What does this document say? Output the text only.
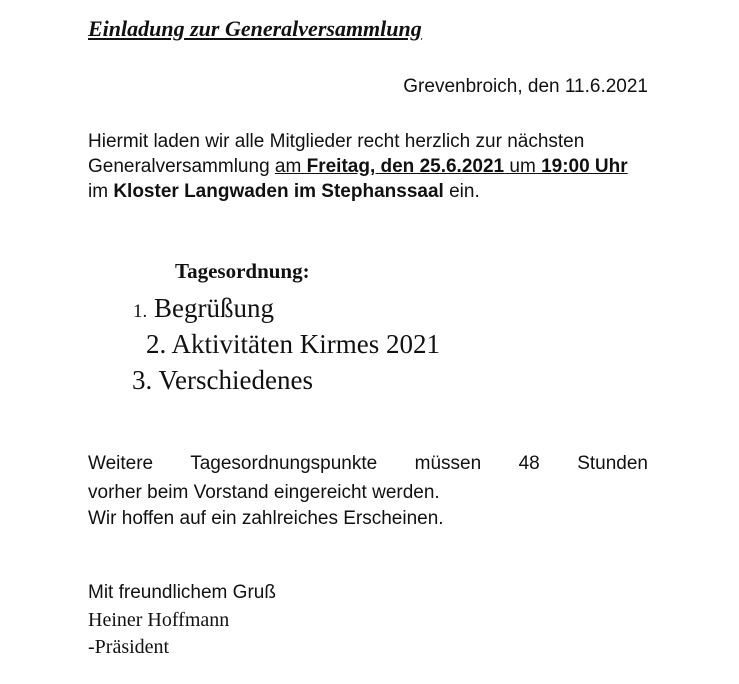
Einladung zur Generalversammlung
Grevenbroich, den 11.6.2021
Hiermit laden wir alle Mitglieder recht herzlich zur nächsten Generalversammlung am Freitag, den 25.6.2021 um 19:00 Uhr im Kloster Langwaden im Stephanssaal ein.
Tagesordnung:
1. Begrüßung
2. Aktivitäten Kirmes 2021
3. Verschiedenes
Weitere Tagesordnungspunkte müssen 48 Stunden
vorher beim Vorstand eingereicht werden.
Wir hoffen auf ein zahlreiches Erscheinen.
Mit freundlichem Gruß
Heiner Hoffmann
-Präsident
